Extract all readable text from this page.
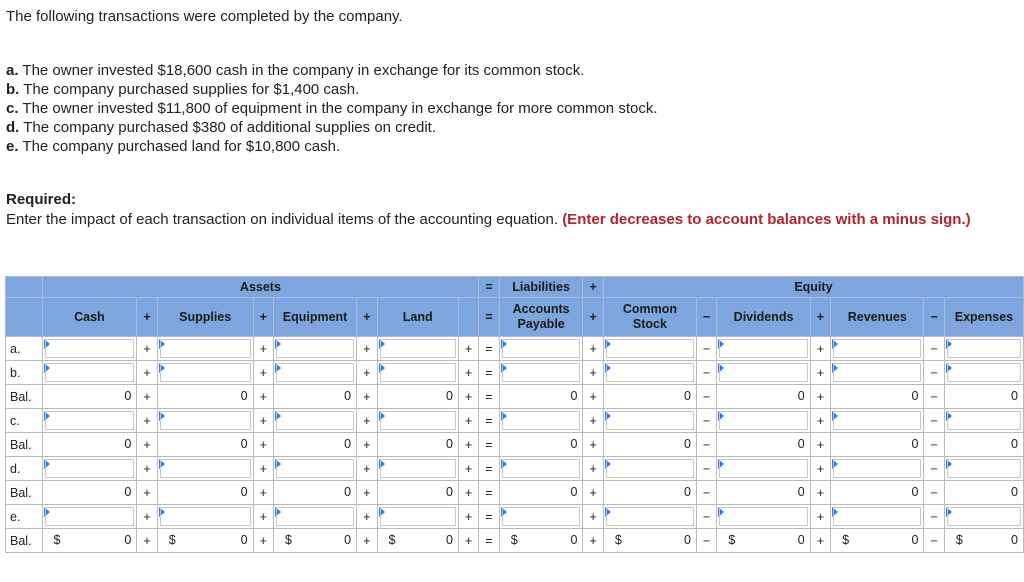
The following transactions were completed by the company.
a. The owner invested $18,600 cash in the company in exchange for its common stock.
b. The company purchased supplies for $1,400 cash.
c. The owner invested $11,800 of equipment in the company in exchange for more common stock.
d. The company purchased $380 of additional supplies on credit.
e. The company purchased land for $10,800 cash.
Required:
Enter the impact of each transaction on individual items of the accounting equation. (Enter decreases to account balances with a minus sign.)
	Assets								=	Liabilities	+	Equity						
	Cash	+	Supplies	+	Equipment	+	Land		=	Accounts
Payable	+	Common
Stock	−	Dividends	+	Revenues	−	Expenses
a.		+		+		+		+	=		+		−		+		−	

b.		+		+		+		+	=		+		−		+		−	

Bal.	0	+	0	+	0	+	0	+	=	0	+	0	−	0	+	0	−	0

c.		+		+		+		+	=		+		−		+		−	

Bal.	0	+	0	+	0	+	0	+	=	0	+	0	−	0	+	0	−	0

d.		+		+		+		+	=		+		−		+		−	

Bal.	0	+	0	+	0	+	0	+	=	0	+	0	−	0	+	0	−	0

e.		+		+		+		+	=		+		−		+		−	

Bal.	$ 0	+	$ 0	+	$ 0	+	$ 0	+	=	$ 0	+	$ 0	−	$ 0	+	$ 0	−	$ 0
